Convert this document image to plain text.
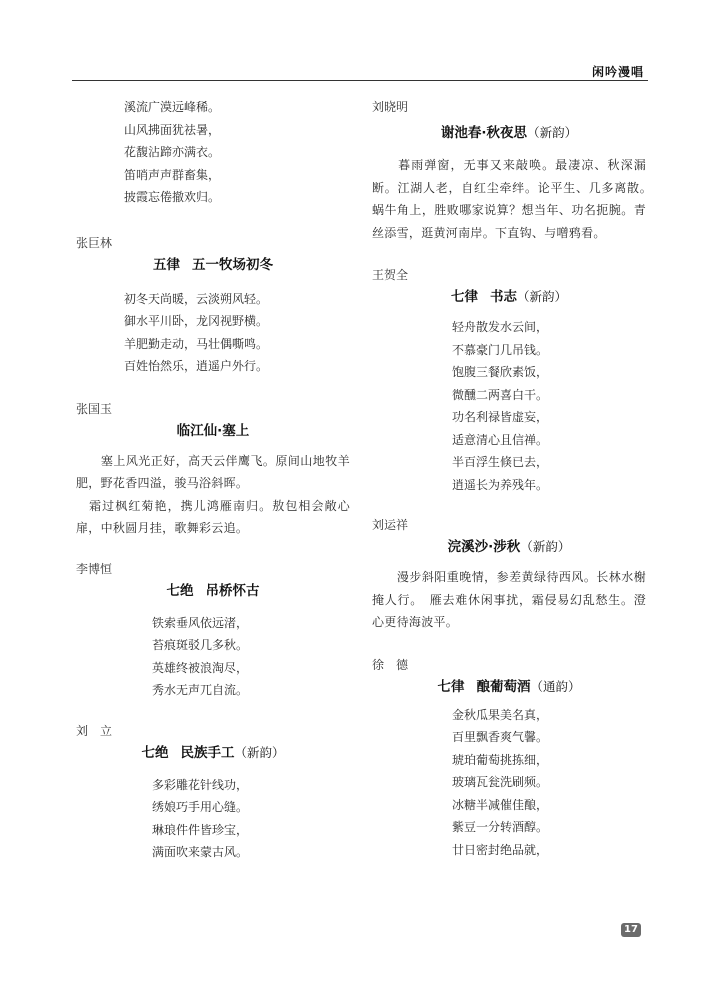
闲吟漫唱
溪流广漠远峰稀。
山风拂面犹祛暑，
花馥沾蹄亦满衣。
笛哨声声群畜集，
披霞忘倦撤欢归。
张巨林
五律 五一牧场初冬
初冬天尚暖，云淡朔风轻。
御水平川卧，龙冈视野横。
羊肥勤走动，马壮偶嘶鸣。
百姓怡然乐，逍遥户外行。
张国玉
临江仙·塞上
　　塞上风光正好，高天云伴鹰飞。原间山地牧羊肥，野花香四溢，骏马浴斜晖。
　霜过枫红菊艳，携儿鸿雁南归。敖包相会敞心扉，中秋圆月挂，歌舞彩云追。
李博恒
七绝 吊桥怀古
铁索垂风依远渚，
苔痕斑驳几多秋。
英雄终被浪淘尽，
秀水无声兀自流。
刘　立
七绝 民族手工（新韵）
多彩雕花针线功，
绣娘巧手用心缝。
琳琅件件皆珍宝，
满面吹来蒙古风。
刘晓明
谢池春·秋夜思（新韵）
　　暮雨弹窗，无事又来敲唤。最凄凉、秋深漏断。江湖人老，自红尘牵绊。论平生、几多离散。　蜗牛角上，胜败哪家说算？想当年、功名扼腕。青丝添雪，逛黄河南岸。下直钩、与噌鸦看。
王贺全
七律 书志（新韵）
轻舟散发水云间，
不慕豪门几吊钱。
饱腹三餐欣素饭，
微醺二两喜白干。
功名利禄皆虚妄，
适意清心且信禅。
半百浮生倏已去，
逍遥长为养残年。
刘运祥
浣溪沙·涉秋（新韵）
　　漫步斜阳重晚情，参差黄绿待西风。长林水榭掩人行。　雁去难休闲事扰，霜侵易幻乱愁生。澄心更待海波平。
徐　德
七律 酿葡萄酒（通韵）
金秋瓜果美名真，
百里飘香爽气馨。
琥珀葡萄挑拣细，
玻璃瓦瓮洗刷频。
冰糖半减催佳酿，
紫豆一分转酒醇。
廿日密封绝品就，
17
